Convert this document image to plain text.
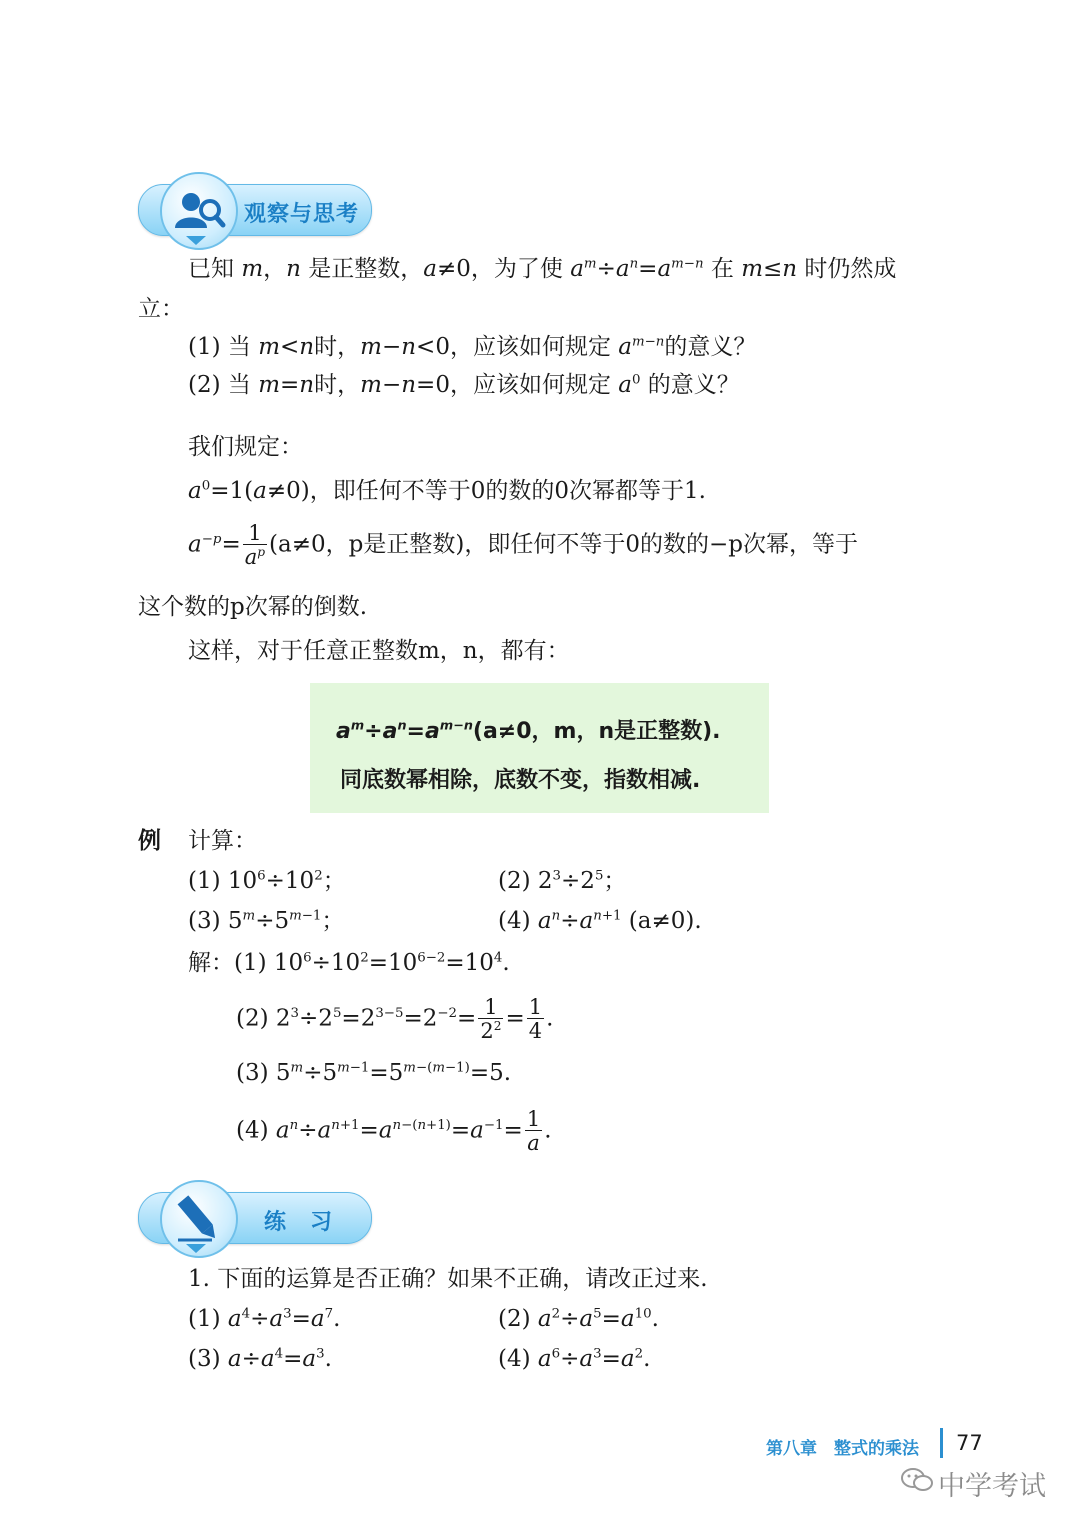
观察与思考
已知 m，n 是正整数，a≠0，为了使 $a^m\div a^n=a^{m-n}$ 在 m≤n 时仍然成
立：
(1) 当 m<n时，m−n<0，应该如何规定 $a^{m-n}$的意义？
(2) 当 m=n时，m−n=0，应该如何规定 $a^0$ 的意义？
我们规定：
$a^0=1(a\ne 0)$，即任何不等于0的数的0次幂都等于1.
$a^{-p}= \frac{1}{a^p} (a\ne 0$，p是正整数)，即任何不等于0的数的−p次幂，等于
这个数的p次幂的倒数.
这样，对于任意正整数m，n，都有：
$a^m\div a^n=a^{m-n}(a\ne 0$，m，n是正整数).
同底数幂相除，底数不变，指数相减.
例 计算：
(1) $10^6\div 10^2$；	(2) $2^3\div 2^5$；
(3) $5^m\div 5^{m-1}$；	(4) $a^n\div a^{n+1}$ (a≠0).
解：(1) $10^6\div 10^2=10^{6-2}=10^4$.
(2) $2^3\div 2^5=2^{3-5}=2^{-2}= \frac{1}{2^2} = \frac{1}{4}$ .
(3) $5^m\div 5^{m-1}=5^{m-(m-1)}=5$.
(4) $a^n\div a^{n+1}=a^{n-(n+1)}=a^{-1}= \frac{1}{a}$ .
练　习
1. 下面的运算是否正确？如果不正确，请改正过来.
(1) $a^4\div a^3=a^7$.	(2) $a^2\div a^5=a^{10}$.
(3) $a\div a^4=a^3$.	(4) $a^6\div a^3=a^2$.
第八章　整式的乘法 77
中学考试
